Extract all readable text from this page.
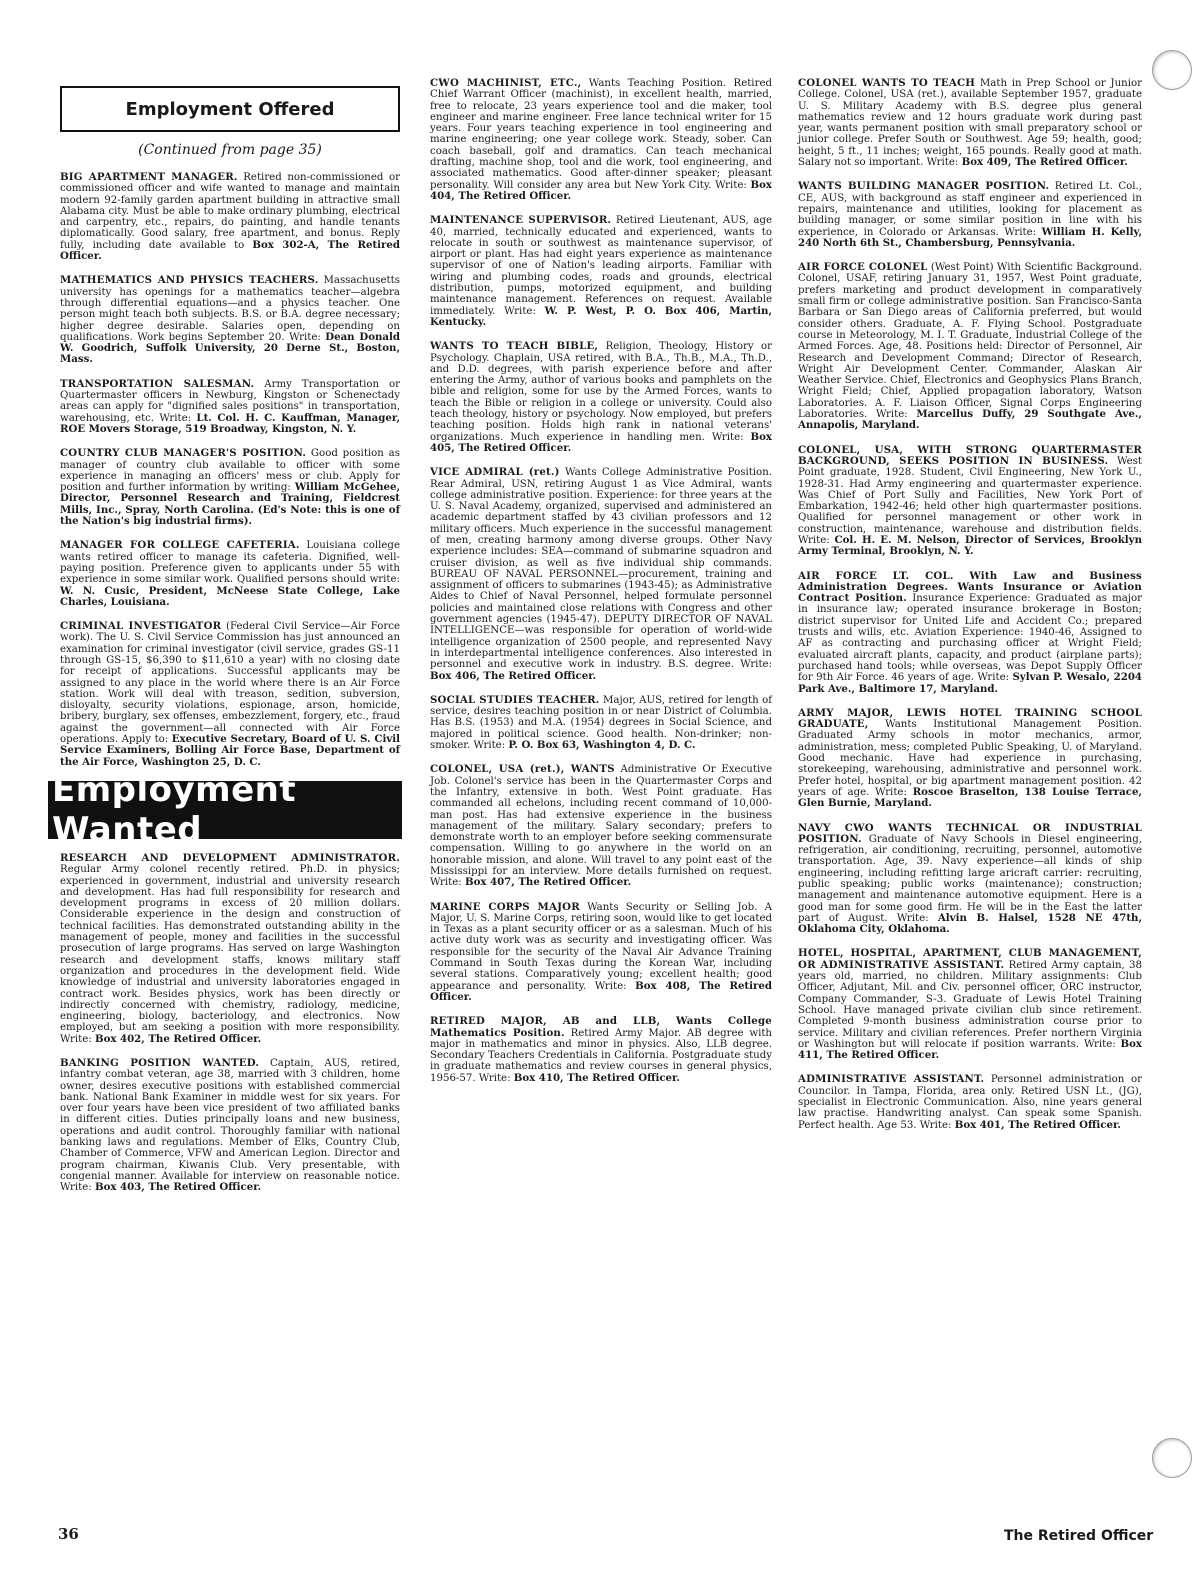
Employment Offered
(Continued from page 35)

BIG APARTMENT MANAGER. Retired non-commissioned or commissioned officer and wife wanted to manage and maintain modern 92-family garden apartment building in attractive small Alabama city. Must be able to make ordinary plumbing, electrical and carpentry, etc., repairs, do painting, and handle tenants diplomatically. Good salary, free apartment, and bonus. Reply fully, including date available to Box 302-A, The Retired Officer.

MATHEMATICS AND PHYSICS TEACHERS. Massachusetts university has openings for a mathematics teacher—algebra through differential equations—and a physics teacher. One person might teach both subjects. B.S. or B.A. degree necessary; higher degree desirable. Salaries open, depending on qualifications. Work begins September 20. Write: Dean Donald W. Goodrich, Suffolk University, 20 Derne St., Boston, Mass.

TRANSPORTATION SALESMAN. Army Transportation or Quartermaster officers in Newburg, Kingston or Schenectady areas can apply for "dignified sales positions" in transportation, warehousing, etc. Write: Lt. Col. H. C. Kauffman, Manager, ROE Movers Storage, 519 Broadway, Kingston, N. Y.

COUNTRY CLUB MANAGER'S POSITION. Good position as manager of country club available to officer with some experience in managing an officers' mess or club. Apply for position and further information by writing: William McGehee, Director, Personnel Research and Training, Fieldcrest Mills, Inc., Spray, North Carolina. (Ed's Note: this is one of the Nation's big industrial firms).

MANAGER FOR COLLEGE CAFETERIA. Louisiana college wants retired officer to manage its cafeteria. Dignified, well-paying position. Preference given to applicants under 55 with experience in some similar work. Qualified persons should write: W. N. Cusic, President, McNeese State College, Lake Charles, Louisiana.

CRIMINAL INVESTIGATOR (Federal Civil Service—Air Force work). The U. S. Civil Service Commission has just announced an examination for criminal investigator (civil service, grades GS-11 through GS-15, $6,390 to $11,610 a year) with no closing date for receipt of applications. Successful applicants may be assigned to any place in the world where there is an Air Force station. Work will deal with treason, sedition, subversion, disloyalty, security violations, espionage, arson, homicide, bribery, burglary, sex offenses, embezzlement, forgery, etc., fraud against the government—all connected with Air Force operations. Apply to: Executive Secretary, Board of U. S. Civil Service Examiners, Bolling Air Force Base, Department of the Air Force, Washington 25, D. C.

Employment Wanted

RESEARCH AND DEVELOPMENT ADMINISTRATOR. Regular Army colonel recently retired. Ph.D. in physics; experienced in government, industrial and university research and development. Has had full responsibility for research and development programs in excess of 20 million dollars. Considerable experience in the design and construction of technical facilities. Has demonstrated outstanding ability in the management of people, money and facilities in the successful prosecution of large programs. Has served on large Washington research and development staffs, knows military staff organization and procedures in the development field. Wide knowledge of industrial and university laboratories engaged in contract work. Besides physics, work has been directly or indirectly concerned with chemistry, radiology, medicine, engineering, biology, bacteriology, and electronics. Now employed, but am seeking a position with more responsibility. Write: Box 402, The Retired Officer.

BANKING POSITION WANTED. Captain, AUS, retired, infantry combat veteran, age 38, married with 3 children, home owner, desires executive positions with established commercial bank. National Bank Examiner in middle west for six years. For over four years have been vice president of two affiliated banks in different cities. Duties principally loans and new business, operations and audit control. Thoroughly familiar with national banking laws and regulations. Member of Elks, Country Club, Chamber of Commerce, VFW and American Legion. Director and program chairman, Kiwanis Club. Very presentable, with congenial manner. Available for interview on reasonable notice. Write: Box 403, The Retired Officer.

CWO MACHINIST, ETC., Wants Teaching Position. Retired Chief Warrant Officer (machinist), in excellent health, married, free to relocate, 23 years experience tool and die maker, tool engineer and marine engineer. Free lance technical writer for 15 years. Four years teaching experience in tool engineering and marine engineering; one year college work. Steady, sober. Can coach baseball, golf and dramatics. Can teach mechanical drafting, machine shop, tool and die work, tool engineering, and associated mathematics. Good after-dinner speaker; pleasant personality. Will consider any area but New York City. Write: Box 404, The Retired Officer.

MAINTENANCE SUPERVISOR. Retired Lieutenant, AUS, age 40, married, technically educated and experienced, wants to relocate in south or southwest as maintenance supervisor, of airport or plant. Has had eight years experience as maintenance supervisor of one of Nation's leading airports. Familiar with wiring and plumbing codes, roads and grounds, electrical distribution, pumps, motorized equipment, and building maintenance management. References on request. Available immediately. Write: W. P. West, P. O. Box 406, Martin, Kentucky.

WANTS TO TEACH BIBLE, Religion, Theology, History or Psychology. Chaplain, USA retired, with B.A., Th.B., M.A., Th.D., and D.D. degrees, with parish experience before and after entering the Army, author of various books and pamphlets on the bible and religion, some for use by the Armed Forces, wants to teach the Bible or religion in a college or university. Could also teach theology, history or psychology. Now employed, but prefers teaching position. Holds high rank in national veterans' organizations. Much experience in handling men. Write: Box 405, The Retired Officer.

VICE ADMIRAL (ret.) Wants College Administrative Position. Rear Admiral, USN, retiring August 1 as Vice Admiral, wants college administrative position. Experience: for three years at the U. S. Naval Academy, organized, supervised and administered an academic department staffed by 43 civilian professors and 12 military officers. Much experience in the successful management of men, creating harmony among diverse groups. Other Navy experience includes: SEA—command of submarine squadron and cruiser division, as well as five individual ship commands. BUREAU OF NAVAL PERSONNEL—procurement, training and assignment of officers to submarines (1943-45); as Administrative Aides to Chief of Naval Personnel, helped formulate personnel policies and maintained close relations with Congress and other government agencies (1945-47). DEPUTY DIRECTOR OF NAVAL INTELLIGENCE—was responsible for operation of world-wide intelligence organization of 2500 people, and represented Navy in interdepartmental intelligence conferences. Also interested in personnel and executive work in industry. B.S. degree. Write: Box 406, The Retired Officer.

SOCIAL STUDIES TEACHER. Major, AUS, retired for length of service, desires teaching position in or near District of Columbia. Has B.S. (1953) and M.A. (1954) degrees in Social Science, and majored in political science. Good health. Non-drinker; non-smoker. Write: P. O. Box 63, Washington 4, D. C.

COLONEL, USA (ret.), WANTS Administrative Or Executive Job. Colonel's service has been in the Quartermaster Corps and the Infantry, extensive in both. West Point graduate. Has commanded all echelons, including recent command of 10,000-man post. Has had extensive experience in the business management of the military. Salary secondary; prefers to demonstrate worth to an employer before seeking commensurate compensation. Willing to go anywhere in the world on an honorable mission, and alone. Will travel to any point east of the Mississippi for an interview. More details furnished on request. Write: Box 407, The Retired Officer.

MARINE CORPS MAJOR Wants Security or Selling Job. A Major, U. S. Marine Corps, retiring soon, would like to get located in Texas as a plant security officer or as a salesman. Much of his active duty work was as security and investigating officer. Was responsible for the security of the Naval Air Advance Training Command in South Texas during the Korean War, including several stations. Comparatively young; excellent health; good appearance and personality. Write: Box 408, The Retired Officer.

RETIRED MAJOR, AB and LLB, Wants College Mathematics Position. Retired Army Major. AB degree with major in mathematics and minor in physics. Also, LLB degree. Secondary Teachers Credentials in California. Postgraduate study in graduate mathematics and review courses in general physics, 1956-57. Write: Box 410, The Retired Officer.

COLONEL WANTS TO TEACH Math in Prep School or Junior College. Colonel, USA (ret.), available September 1957, graduate U. S. Military Academy with B.S. degree plus general mathematics review and 12 hours graduate work during past year, wants permanent position with small preparatory school or junior college. Prefer South or Southwest. Age 59; health, good; height, 5 ft., 11 inches; weight, 165 pounds. Really good at math. Salary not so important. Write: Box 409, The Retired Officer.

WANTS BUILDING MANAGER POSITION. Retired Lt. Col., CE, AUS, with background as staff engineer and experienced in repairs, maintenance and utilities, looking for placement as building manager, or some similar position in line with his experience, in Colorado or Arkansas. Write: William H. Kelly, 240 North 6th St., Chambersburg, Pennsylvania.

AIR FORCE COLONEL (West Point) With Scientific Background. Colonel, USAF, retiring January 31, 1957, West Point graduate, prefers marketing and product development in comparatively small firm or college administrative position. San Francisco-Santa Barbara or San Diego areas of California preferred, but would consider others. Graduate, A. F. Flying School. Postgraduate course in Meteorology, M. I. T. Graduate, Industrial College of the Armed Forces. Age, 48. Positions held: Director of Personnel, Air Research and Development Command; Director of Research, Wright Air Development Center. Commander, Alaskan Air Weather Service. Chief, Electronics and Geophysics Plans Branch, Wright Field; Chief, Applied propagation laboratory, Watson Laboratories. A. F. Liaison Officer, Signal Corps Engineering Laboratories. Write: Marcellus Duffy, 29 Southgate Ave., Annapolis, Maryland.

COLONEL, USA, WITH STRONG QUARTERMASTER BACKGROUND, SEEKS POSITION IN BUSINESS. West Point graduate, 1928. Student, Civil Engineering, New York U., 1928-31. Had Army engineering and quartermaster experience. Was Chief of Port Sully and Facilities, New York Port of Embarkation, 1942-46; held other high quartermaster positions. Qualified for personnel management or other work in construction, maintenance, warehouse and distribution fields. Write: Col. H. E. M. Nelson, Director of Services, Brooklyn Army Terminal, Brooklyn, N. Y.

AIR FORCE LT. COL. With Law and Business Administration Degrees. Wants Insurance or Aviation Contract Position. Insurance Experience: Graduated as major in insurance law; operated insurance brokerage in Boston; district supervisor for United Life and Accident Co.; prepared trusts and wills, etc. Aviation Experience: 1940-46, Assigned to AF as contracting and purchasing officer at Wright Field; evaluated aircraft plants, capacity, and product (airplane parts); purchased hand tools; while overseas, was Depot Supply Officer for 9th Air Force. 46 years of age. Write: Sylvan P. Wesalo, 2204 Park Ave., Baltimore 17, Maryland.

ARMY MAJOR, LEWIS HOTEL TRAINING SCHOOL GRADUATE, Wants Institutional Management Position. Graduated Army schools in motor mechanics, armor, administration, mess; completed Public Speaking, U. of Maryland. Good mechanic. Have had experience in purchasing, storekeeping, warehousing, administrative and personnel work. Prefer hotel, hospital, or big apartment management position. 42 years of age. Write: Roscoe Braselton, 138 Louise Terrace, Glen Burnie, Maryland.

NAVY CWO WANTS TECHNICAL OR INDUSTRIAL POSITION. Graduate of Navy Schools in Diesel engineering, refrigeration, air conditioning, recruiting, personnel, automotive transportation. Age, 39. Navy experience—all kinds of ship engineering, including refitting large aricraft carrier: recruiting, public speaking; public works (maintenance); construction; management and maintenance automotive equipment. Here is a good man for some good firm. He will be in the East the latter part of August. Write: Alvin B. Halsel, 1528 NE 47th, Oklahoma City, Oklahoma.

HOTEL, HOSPITAL, APARTMENT, CLUB MANAGEMENT, OR ADMINISTRATIVE ASSISTANT. Retired Army captain, 38 years old, married, no children. Military assignments: Club Officer, Adjutant, Mil. and Civ. personnel officer, ORC instructor, Company Commander, S-3. Graduate of Lewis Hotel Training School. Have managed private civilian club since retirement. Completed 9-month business administration course prior to service. Military and civilian references. Prefer northern Virginia or Washington but will relocate if position warrants. Write: Box 411, The Retired Officer.

ADMINISTRATIVE ASSISTANT. Personnel administration or Councilor. In Tampa, Florida, area only. Retired USN Lt., (JG), specialist in Electronic Communication. Also, nine years general law practise. Handwriting analyst. Can speak some Spanish. Perfect health. Age 53. Write: Box 401, The Retired Officer.

36	The Retired Officer
